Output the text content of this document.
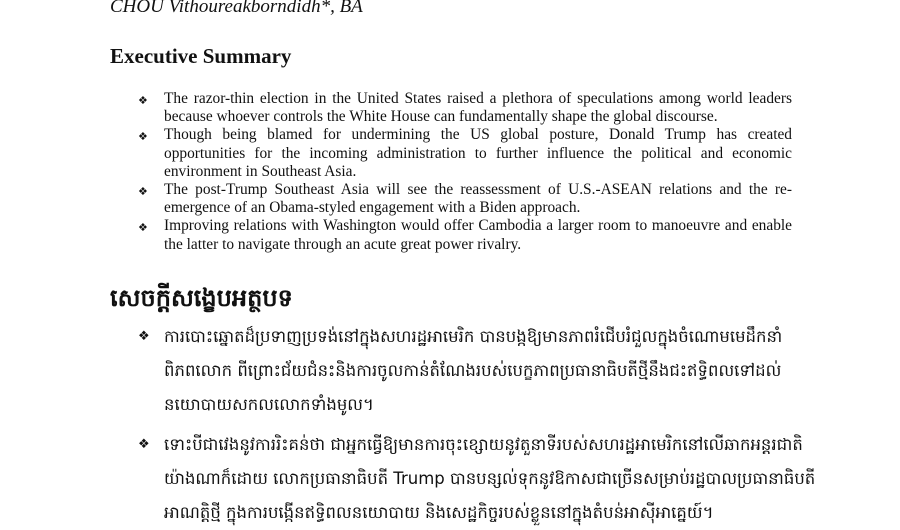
CHOU Vithoureakborndidh*, BA

Executive Summary
❖ The razor-thin election in the United States raised a plethora of speculations among world leaders because whoever controls the White House can fundamentally shape the global discourse.
❖ Though being blamed for undermining the US global posture, Donald Trump has created opportunities for the incoming administration to further influence the political and economic environment in Southeast Asia.
❖ The post-Trump Southeast Asia will see the reassessment of U.S.-ASEAN relations and the re-emergence of an Obama-styled engagement with a Biden approach.
❖ Improving relations with Washington would offer Cambodia a larger room to manoeuvre and enable the latter to navigate through an acute great power rivalry.
សេចក្តីសង្ខេបអត្ថបទ
❖ ការបោះឆ្នោតដ៏ប្រទាញប្រទង់នៅក្នុងសហរដ្ឋអាមេរិក បានបង្កឱ្យមានភាពរំជើបរំជួលក្នុងចំណោមមេដឹកនាំពិភពលោក ពីព្រោះជ័យជំនះនិងការចូលកាន់តំណែងរបស់បេក្ខភាពប្រធានាធិបតីថ្មីនឹងជះឥទ្ធិពលទៅដល់នយោបាយសកលលោកទាំងមូល។
❖ ទោះបីជាវេងនូវការរិះគន់ថា ជាអ្នកធ្វើឱ្យមានការចុះខ្សោយនូវតួនាទីរបស់សហរដ្ឋអាមេរិកនៅលើឆាកអន្តរជាតិយ៉ាងណាក៏ដោយ លោកប្រធានាធិបតី Trump បានបន្សល់ទុកនូវឱកាសជាច្រើនសម្រាប់រដ្ឋបាលប្រធានាធិបតីអាណត្តិថ្មី ក្នុងការបង្កើនឥទ្ធិពលនយោបាយ និងសេដ្ឋកិច្ចរបស់ខ្លួននៅក្នុងតំបន់អាស៊ីអាគ្នេយ៍។
